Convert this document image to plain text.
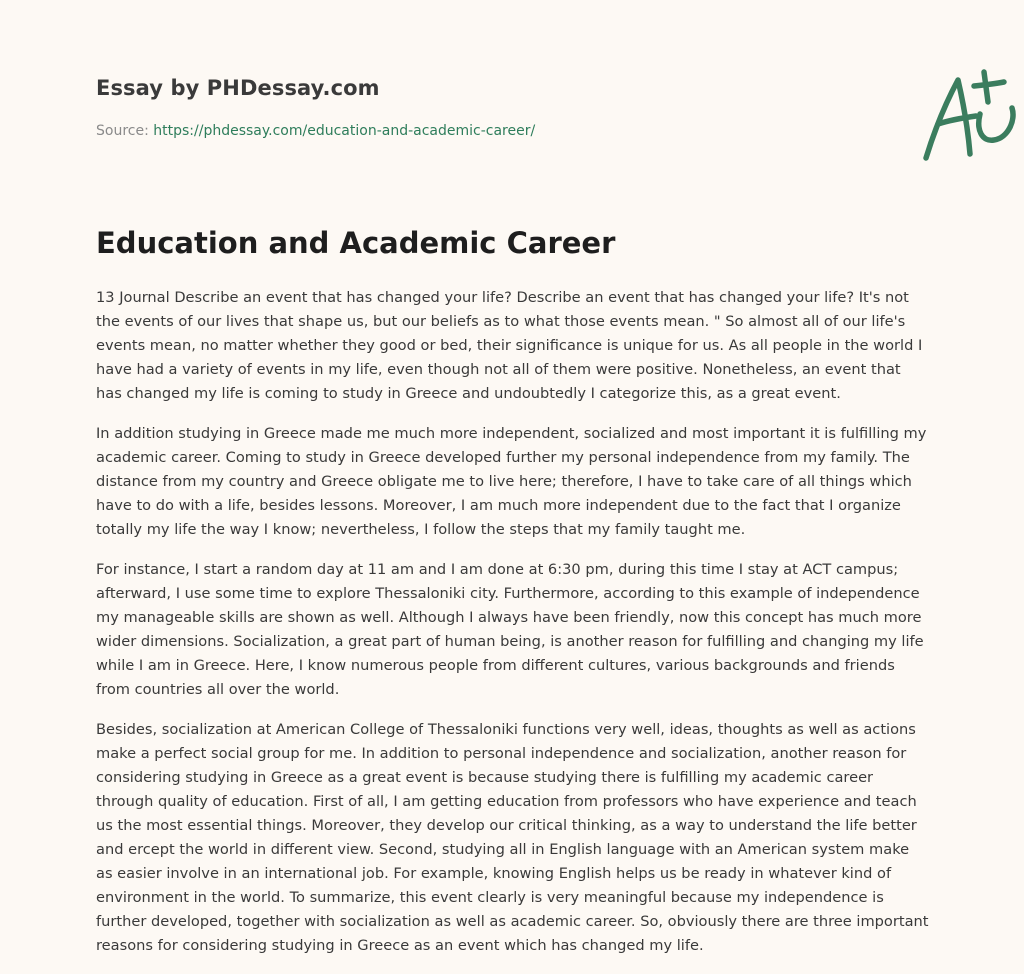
Essay by PHDessay.com
Source: https://phdessay.com/education-and-academic-career/
Education and Academic Career

13 Journal Describe an event that has changed your life? Describe an event that has changed your life? It's not the events of our lives that shape us, but our beliefs as to what those events mean. " So almost all of our life's events mean, no matter whether they good or bed, their significance is unique for us. As all people in the world I have had a variety of events in my life, even though not all of them were positive. Nonetheless, an event that has changed my life is coming to study in Greece and undoubtedly I categorize this, as a great event.

In addition studying in Greece made me much more independent, socialized and most important it is fulfilling my academic career. Coming to study in Greece developed further my personal independence from my family. The distance from my country and Greece obligate me to live here; therefore, I have to take care of all things which have to do with a life, besides lessons. Moreover, I am much more independent due to the fact that I organize totally my life the way I know; nevertheless, I follow the steps that my family taught me.

For instance, I start a random day at 11 am and I am done at 6:30 pm, during this time I stay at ACT campus; afterward, I use some time to explore Thessaloniki city. Furthermore, according to this example of independence my manageable skills are shown as well. Although I always have been friendly, now this concept has much more wider dimensions. Socialization, a great part of human being, is another reason for fulfilling and changing my life while I am in Greece. Here, I know numerous people from different cultures, various backgrounds and friends from countries all over the world.

Besides, socialization at American College of Thessaloniki functions very well, ideas, thoughts as well as actions make a perfect social group for me. In addition to personal independence and socialization, another reason for considering studying in Greece as a great event is because studying there is fulfilling my academic career through quality of education. First of all, I am getting education from professors who have experience and teach us the most essential things. Moreover, they develop our critical thinking, as a way to understand the life better and ercept the world in different view. Second, studying all in English language with an American system make as easier involve in an international job. For example, knowing English helps us be ready in whatever kind of environment in the world. To summarize, this event clearly is very meaningful because my independence is further developed, together with socialization as well as academic career. So, obviously there are three important reasons for considering studying in Greece as an event which has changed my life.
